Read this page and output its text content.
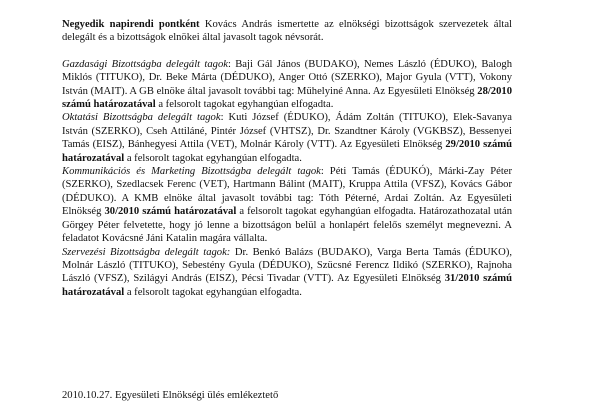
Negyedik napirendi pontként Kovács András ismertette az elnökségi bizottságok szervezetek által delegált és a bizottságok elnökei által javasolt tagok névsorát.

Gazdasági Bizottságba delegált tagok: Baji Gál János (BUDAKO), Nemes László (ÉDUKO), Balogh Miklós (TITUKO), Dr. Beke Márta (DÉDUKO), Anger Ottó (SZERKO), Major Gyula (VTT), Vokony István (MAIT). A GB elnöke által javasolt további tag: Mühelyiné Anna. Az Egyesületi Elnökség 28/2010 számú határozatával a felsorolt tagokat egyhangúan elfogadta.

Oktatási Bizottságba delegált tagok: Kuti József (ÉDUKO), Ádám Zoltán (TITUKO), Elek-Savanya István (SZERKO), Cseh Attiláné, Pintér József (VHTSZ), Dr. Szandtner Károly (VGKBSZ), Bessenyei Tamás (EISZ), Bánhegyesi Attila (VET), Molnár Károly (VTT). Az Egyesületi Elnökség 29/2010 számú határozatával a felsorolt tagokat egyhangúan elfogadta.

Kommunikációs és Marketing Bizottságba delegált tagok: Péti Tamás (ÉDUKÓ), Márki-Zay Péter (SZERKO), Szedlacsek Ferenc (VET), Hartmann Bálint (MAIT), Kruppa Attila (VFSZ), Kovács Gábor (DÉDUKO). A KMB elnöke által javasolt további tag: Tóth Péterné, Ardai Zoltán. Az Egyesületi Elnökség 30/2010 számú határozatával a felsorolt tagokat egyhangúan elfogadta. Határozathozatal után Görgey Péter felvetette, hogy jó lenne a bizottságon belül a honlapért felelős személyt megnevezni. A feladatot Kovácsné Jáni Katalin magára vállalta.

Szervezési Bizottságba delegált tagok: Dr. Benkó Balázs (BUDAKO), Varga Berta Tamás (ÉDUKO), Molnár László (TITUKO), Sebestény Gyula (DÉDUKO), Szücsné Ferencz Ildikó (SZERKO), Rajnoha László (VFSZ), Szilágyi András (EISZ), Pécsi Tivadar (VTT). Az Egyesületi Elnökség 31/2010 számú határozatával a felsorolt tagokat egyhangúan elfogadta.

2010.10.27. Egyesületi Elnökségi ülés emlékeztető
